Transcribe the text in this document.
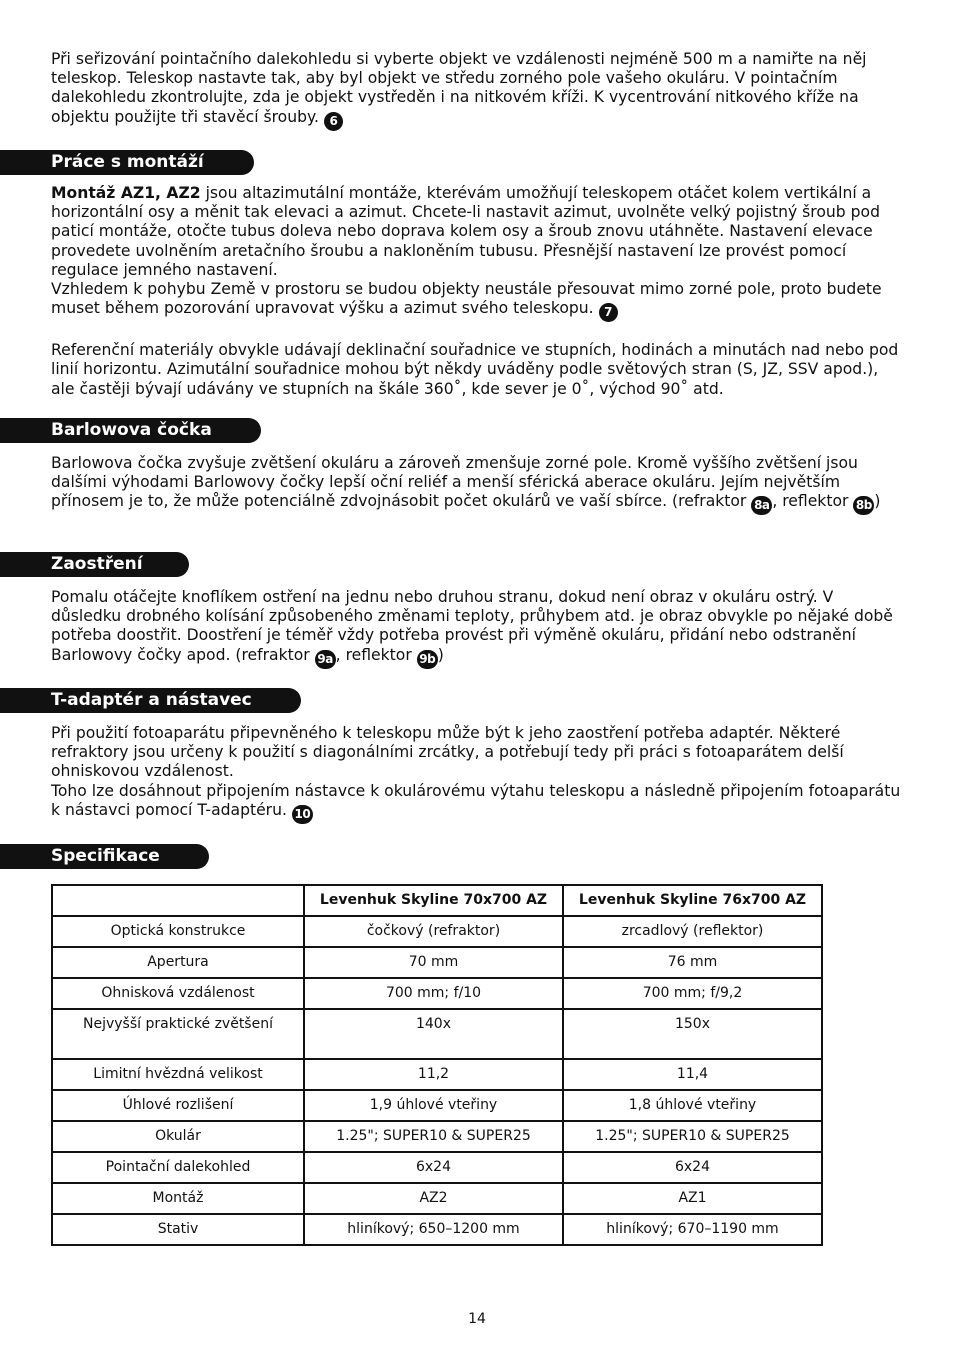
Při seřizování pointačního dalekohledu si vyberte objekt ve vzdálenosti nejméně 500 m a namiřte na něj teleskop. Teleskop nastavte tak, aby byl objekt ve středu zorného pole vašeho okuláru. V pointačním dalekohledu zkontrolujte, zda je objekt vystředěn i na nitkovém kříži. K vycentrování nitkového kříže na objektu použijte tři stavěcí šrouby. 6

Práce s montáží

Montáž AZ1, AZ2 jsou altazimutální montáže, kterévám umožňují teleskopem otáčet kolem vertikální a horizontální osy a měnit tak elevaci a azimut. Chcete-li nastavit azimut, uvolněte velký pojistný šroub pod paticí montáže, otočte tubus doleva nebo doprava kolem osy a šroub znovu utáhněte. Nastavení elevace provedete uvolněním aretačního šroubu a nakloněním tubusu. Přesnější nastavení lze provést pomocí regulace jemného nastavení.

Vzhledem k pohybu Země v prostoru se budou objekty neustále přesouvat mimo zorné pole, proto budete muset během pozorování upravovat výšku a azimut svého teleskopu. 7

Referenční materiály obvykle udávají deklinační souřadnice ve stupních, hodinách a minutách nad nebo pod linií horizontu. Azimutální souřadnice mohou být někdy uváděny podle světových stran (S, JZ, SSV apod.), ale častěji bývají udávány ve stupních na škále 360˚, kde sever je 0˚, východ 90˚ atd.

Barlowova čočka

Barlowova čočka zvyšuje zvětšení okuláru a zároveň zmenšuje zorné pole. Kromě vyššího zvětšení jsou dalšími výhodami Barlowovy čočky lepší oční reliéf a menší sférická aberace okuláru. Jejím největším přínosem je to, že může potenciálně zdvojnásobit počet okulárů ve vaší sbírce. (refraktor 8a , reflektor 8b )

Zaostření

Pomalu otáčejte knoflíkem ostření na jednu nebo druhou stranu, dokud není obraz v okuláru ostrý. V důsledku drobného kolísání způsobeného změnami teploty, průhybem atd. je obraz obvykle po nějaké době potřeba doostřit. Doostření je téměř vždy potřeba provést při výměně okuláru, přidání nebo odstranění Barlowovy čočky apod. (refraktor 9a , reflektor 9b )

T-adaptér a nástavec

Při použití fotoaparátu připevněného k teleskopu může být k jeho zaostření potřeba adaptér. Některé refraktory jsou určeny k použití s diagonálními zrcátky, a potřebují tedy při práci s fotoaparátem delší ohniskovou vzdálenost.

Toho lze dosáhnout připojením nástavce k okulárovému výtahu teleskopu a následně připojením fotoaparátu k nástavci pomocí T-adaptéru. 10

Specifikace
	Levenhuk Skyline 70x700 AZ	Levenhuk Skyline 76x700 AZ
Optická konstrukce	čočkový (refraktor)	zrcadlový (reflektor)
Apertura	70 mm	76 mm
Ohnisková vzdálenost	700 mm; f/10	700 mm; f/9,2
Nejvyšší praktické zvětšení	140x	150x
Limitní hvězdná velikost	11,2	11,4
Úhlové rozlišení	1,9 úhlové vteřiny	1,8 úhlové vteřiny
Okulár	1.25"; SUPER10 & SUPER25	1.25"; SUPER10 & SUPER25
Pointační dalekohled	6x24	6x24
Montáž	AZ2	AZ1
Stativ	hliníkový; 650–1200 mm	hliníkový; 670–1190 mm
14
